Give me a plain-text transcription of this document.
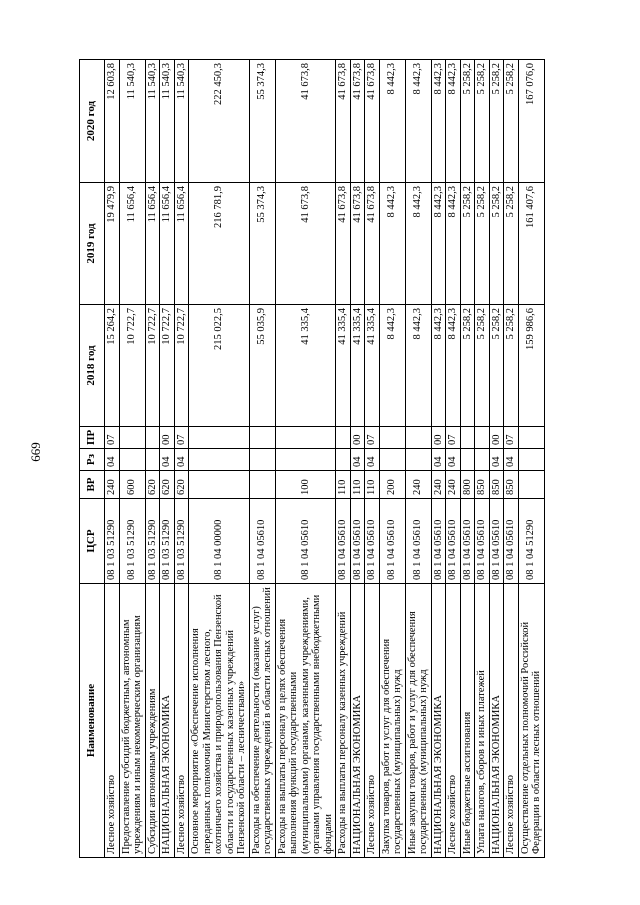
669
Наименование	ЦСР	ВР	Рз	ПР	2018 год	2019 год	2020 год
Лесное хозяйство	08 1 03 51290	240	04	07	15 264,2	19 479,9	12 603,8
Предоставление субсидий бюджетным, автономным учреждениям и иным некоммерческим организациям	08 1 03 51290	600			10 722,7	11 656,4	11 540,3
Субсидии автономным учреждениям	08 1 03 51290	620			10 722,7	11 656,4	11 540,3
НАЦИОНАЛЬНАЯ ЭКОНОМИКА	08 1 03 51290	620	04	00	10 722,7	11 656,4	11 540,3
Лесное хозяйство	08 1 03 51290	620	04	07	10 722,7	11 656,4	11 540,3
Основное мероприятие «Обеспечение исполнения переданных полномочий Министерством лесного, охотничьего хозяйства и природопользования Пензенской области и государственных казенных учреждений Пензенской области – лесничествами»	08 1 04 00000				215 022,5	216 781,9	222 450,3
Расходы на обеспечение деятельности (оказание услуг) государственных учреждений в области лесных отношений	08 1 04 05610				55 035,9	55 374,3	55 374,3
Расходы на выплаты персоналу в целях обеспечения выполнения функций государственными (муниципальными) органами, казенными учреждениями, органами управления государственными внебюджетными фондами	08 1 04 05610	100			41 335,4	41 673,8	41 673,8
Расходы на выплаты персоналу казенных учреждений	08 1 04 05610	110			41 335,4	41 673,8	41 673,8
НАЦИОНАЛЬНАЯ ЭКОНОМИКА	08 1 04 05610	110	04	00	41 335,4	41 673,8	41 673,8
Лесное хозяйство	08 1 04 05610	110	04	07	41 335,4	41 673,8	41 673,8
Закупка товаров, работ и услуг для обеспечения государственных (муниципальных) нужд	08 1 04 05610	200			8 442,3	8 442,3	8 442,3
Иные закупки товаров, работ и услуг для обеспечения государственных (муниципальных) нужд	08 1 04 05610	240			8 442,3	8 442,3	8 442,3
НАЦИОНАЛЬНАЯ ЭКОНОМИКА	08 1 04 05610	240	04	00	8 442,3	8 442,3	8 442,3
Лесное хозяйство	08 1 04 05610	240	04	07	8 442,3	8 442,3	8 442,3
Иные бюджетные ассигнования	08 1 04 05610	800			5 258,2	5 258,2	5 258,2
Уплата налогов, сборов и иных платежей	08 1 04 05610	850			5 258,2	5 258,2	5 258,2
НАЦИОНАЛЬНАЯ ЭКОНОМИКА	08 1 04 05610	850	04	00	5 258,2	5 258,2	5 258,2
Лесное хозяйство	08 1 04 05610	850	04	07	5 258,2	5 258,2	5 258,2
Осуществление отдельных полномочий Российской Федерации в области лесных отношений	08 1 04 51290				159 986,6	161 407,6	167 076,0
